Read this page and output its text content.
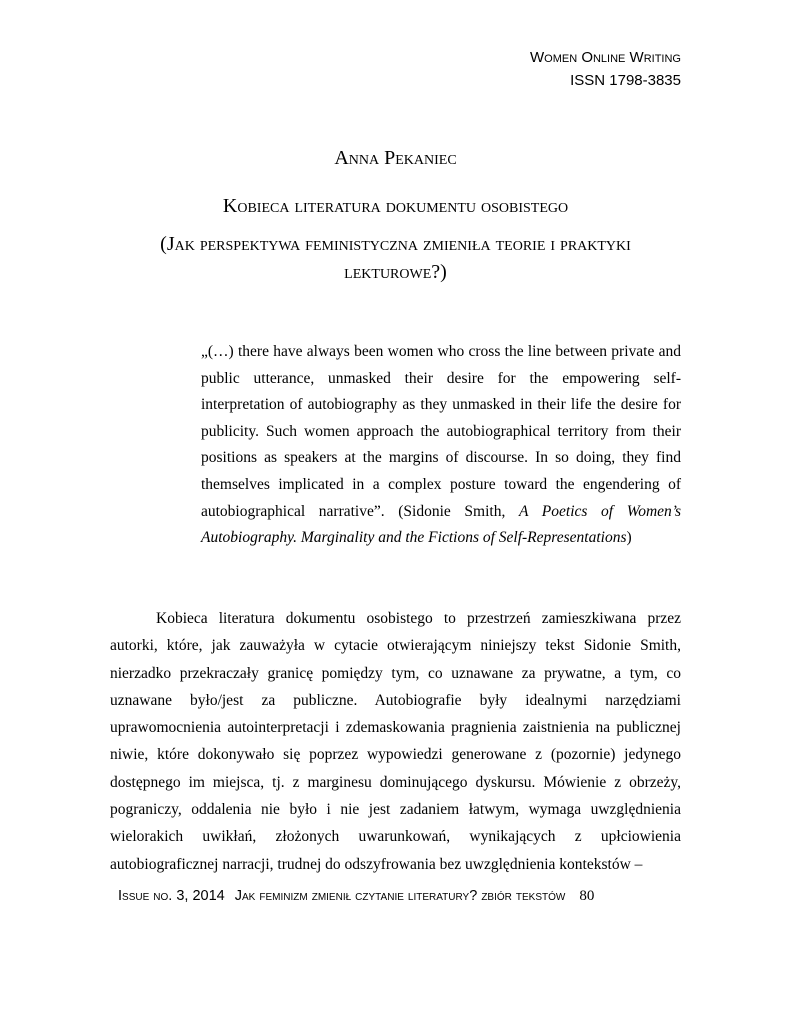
Women Online Writing
ISSN 1798-3835
Anna Pekaniec
Kobieca literatura dokumentu osobistego
(Jak perspektywa feministyczna zmieniła teorie i praktyki lekturowe?)

„(…) there have always been women who cross the line between private and public utterance, unmasked their desire for the empowering self-interpretation of autobiography as they unmasked in their life the desire for publicity. Such women approach the autobiographical territory from their positions as speakers at the margins of discourse. In so doing, they find themselves implicated in a complex posture toward the engendering of autobiographical narrative”. (Sidonie Smith, A Poetics of Women’s Autobiography. Marginality and the Fictions of Self-Representations)

Kobieca literatura dokumentu osobistego to przestrzeń zamieszkiwana przez autorki, które, jak zauważyła w cytacie otwierającym niniejszy tekst Sidonie Smith, nierzadko przekraczały granicę pomiędzy tym, co uznawane za prywatne, a tym, co uznawane było/jest za publiczne. Autobiografie były idealnymi narzędziami uprawomocnienia autointerpretacji i zdemaskowania pragnienia zaistnienia na publicznej niwie, które dokonywało się poprzez wypowiedzi generowane z (pozornie) jedynego dostępnego im miejsca, tj. z marginesu dominującego dyskursu. Mówienie z obrzeży, pograniczy, oddalenia nie było i nie jest zadaniem łatwym, wymaga uwzględnienia wielorakich uwikłań, złożonych uwarunkowań, wynikających z upłciowienia autobiograficznej narracji, trudnej do odszyfrowania bez uwzględnienia kontekstów –

Issue no. 3, 2014 Jak feminizm zmienił czytanie literatury? zbiór tekstów 80
